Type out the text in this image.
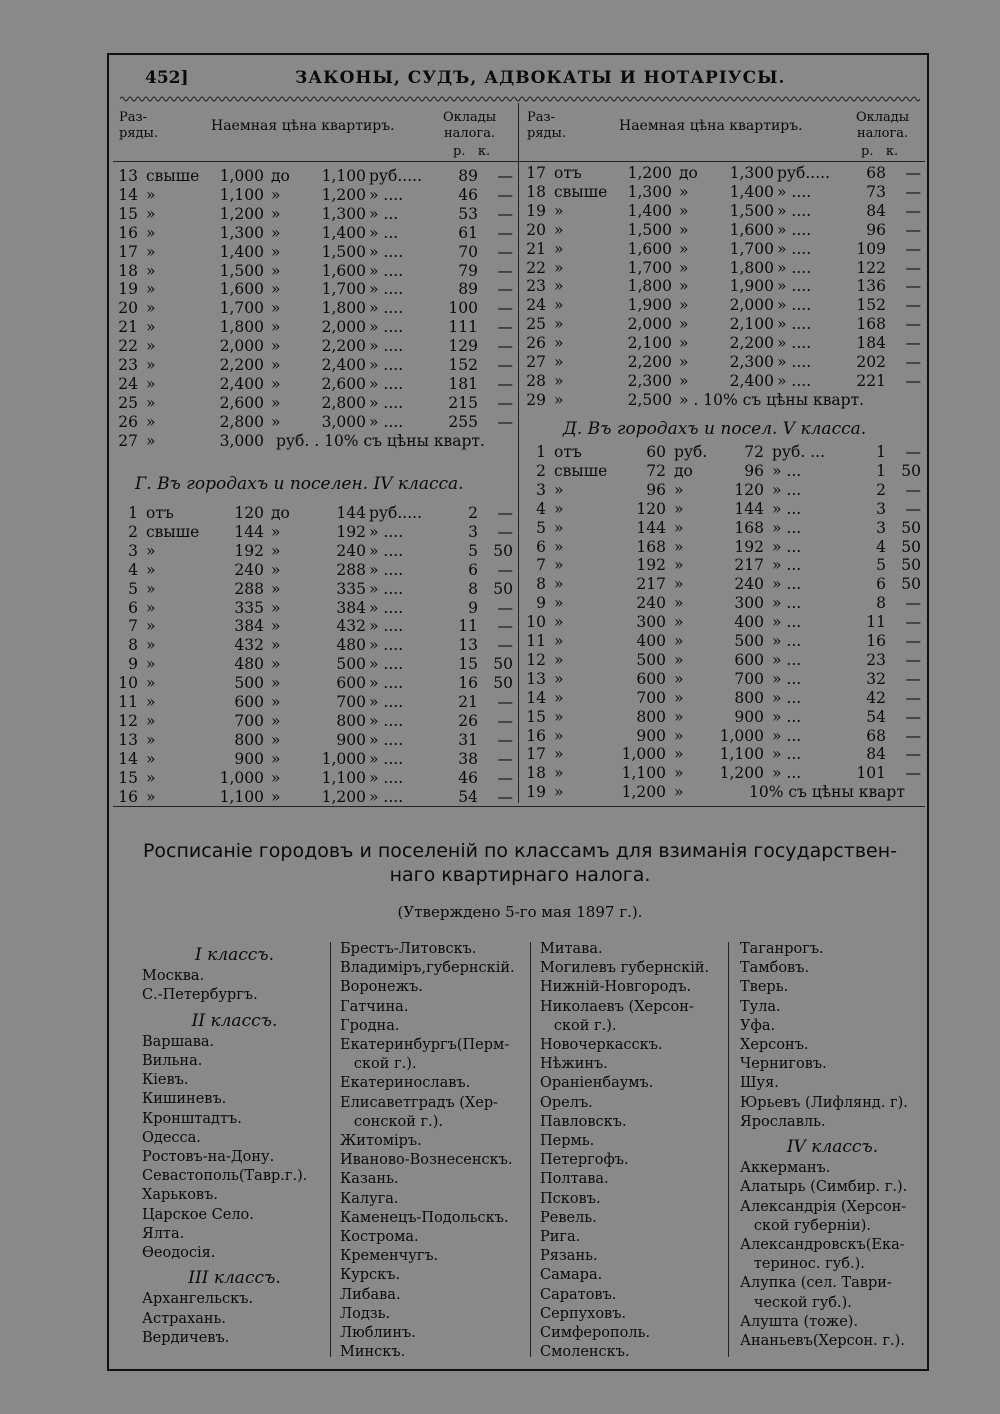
452]	ЗАКОНЫ, СУДЪ, АДВОКАТЫ И НОТАРІУСЫ.
Раз-
ряды.	Наемная цѣна квартиръ.
Оклады
налога.
р.   к.
Раз-
ряды.	Наемная цѣна квартиръ.
Оклады
налога.
р.   к.
13 свыше	1,000 до	1,100 руб.....	89	—
14 »	1,100 »	1,200 » ....	46	—
15 »	1,200 »	1,300 » ...	53	—
16 »	1,300 »	1,400 » ...	61	—
17 »	1,400 »	1,500 » ....	70	—
18 »	1,500 »	1,600 » ....	79	—
19 »	1,600 »	1,700 » ....	89	—
20 »	1,700 »	1,800 » ....	100	—
21 »	1,800 »	2,000 » ....	111	—
22 »	2,000 »	2,200 » ....	129	—
23 »	2,200 »	2,400 » ....	152	—
24 »	2,400 »	2,600 » ....	181	—
25 »	2,600 »	2,800 » ....	215	—
26 »	2,800 »	3,000 » ....	255	—
27 »	3,000 руб. . 10% съ цѣны кварт.
1 отъ	120 до	144 руб.....	2	—
2 свыше	144 »	192 » ....	3	—
3 »	192 »	240 » ....	5 50
4 »	240 »	288 » ....	6	—
5 »	288 »	335 » ....	8 50
6 »	335 »	384 » ....	9	—
7 »	384 »	432 » ....	11	—
8 »	432 »	480 » ....	13	—
9 »	480 »	500 » ....	15 50
10 »	500 »	600 » ....	16 50
11 »	600 »	700 » ....	21	—
12 »	700 »	800 » ....	26	—
13 »	800 »	900 » ....	31	—
14 »	900 »	1,000 » ....	38	—
15 »	1,000 »	1,100 » ....	46	—
16 »	1,100 »	1,200 » ....	54	—
17 отъ	1,200 до	1,300 руб.....	68	—
18 свыше	1,300 »	1,400 » ....	73	—
19 »	1,400 »	1,500 » ....	84	—
20 »	1,500 »	1,600 » ....	96	—
21 »	1,600 »	1,700 » ....	109	—
22 »	1,700 »	1,800 » ....	122	—
23 »	1,800 »	1,900 » ....	136	—
24 »	1,900 »	2,000 » ....	152	—
25 »	2,000 »	2,100 » ....	168	—
26 »	2,100 »	2,200 » ....	184	—
27 »	2,200 »	2,300 » ....	202	—
28 »	2,300 »	2,400 » ....	221	—
29 »	2,500 » . 10% съ цѣны кварт.
1 отъ	60 руб.	72 руб. ...	1	—
2 свыше	72 до	96 » ...	1 50
3 »	96 »	120 » ...	2	—
4 »	120 »	144 » ...	3	—
5 »	144 »	168 » ...	3 50
6 »	168 »	192 » ...	4 50
7 »	192 »	217 » ...	5 50
8 »	217 »	240 » ...	6 50
9 »	240 »	300 » ...	8	—
10 »	300 »	400 » ...	11	—
11 »	400 »	500 » ...	16	—
12 »	500 »	600 » ...	23	—
13 »	600 »	700 » ...	32	—
14 »	700 »	800 » ...	42	—
15 »	800 »	900 » ...	54	—
16 »	900 »	1,000 » ...	68	—
17 »	1,000 »	1,100 » ...	84	—
18 »	1,100 »	1,200 » ...	101	—
19 »	1,200 »	10% съ цѣны кварт
Г. Въ городахъ и поселен. IV класса.
Д. Въ городахъ и посел. V класса.
Росписаніе городовъ и поселеній по классамъ для взиманія государствен-
наго квартирнаго налога.
(Утверждено 5-го мая 1897 г.).
I классъ.
Москва.
С.-Петербургъ.
II классъ.
Варшава.
Вильна.
Кіевъ.
Кишиневъ.
Кронштадтъ.
Одесса.
Ростовъ-на-Дону.
Севастополь(Тавр.г.).
Харьковъ.
Царское Село.
Ялта.
Ѳеодосія.
III классъ.
Архангельскъ.
Астрахань.
Вердичевъ.
Брестъ-Литовскъ.
Владиміръ,губернскій.
Воронежъ.
Гатчина.
Гродна.
Екатеринбургъ(Перм-
ской г.).
Екатеринославъ.
Елисаветградъ (Хер-
сонской г.).
Житоміръ.
Иваново-Вознесенскъ.
Казань.
Калуга.
Каменецъ-Подольскъ.
Кострома.
Кременчугъ.
Курскъ.
Либава.
Лодзь.
Люблинъ.
Минскъ.
Митава.
Могилевъ губернскій.
Нижній-Новгородъ.
Николаевъ (Херсон-
ской г.).
Новочеркасскъ.
Нѣжинъ.
Ораніенбаумъ.
Орелъ.
Павловскъ.
Пермь.
Петергофъ.
Полтава.
Псковъ.
Ревель.
Рига.
Рязань.
Самара.
Саратовъ.
Серпуховъ.
Симферополь.
Смоленскъ.
Таганрогъ.
Тамбовъ.
Тверь.
Тула.
Уфа.
Херсонъ.
Черниговъ.
Шуя.
Юрьевъ (Лифлянд. г).
Ярославль.
IV классъ.
Аккерманъ.
Алатырь (Симбир. г.).
Александрія (Херсон-
ской губерніи).
Александровскъ(Ека-
теринос. губ.).
Алупка (сел. Таври-
ческой губ.).
Алушта (тоже).
Ананьевъ(Херсон. г.).
